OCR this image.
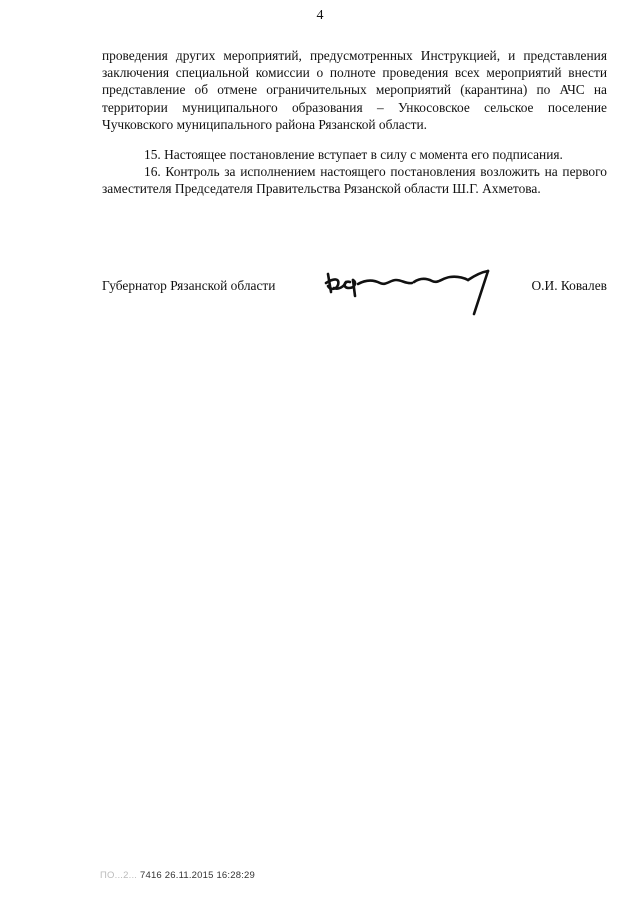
4

проведения других мероприятий, предусмотренных Инструкцией, и представления заключения специальной комиссии о полноте проведения всех мероприятий внести представление об отмене ограничительных мероприятий (карантина) по АЧС на территории муниципального образования – Ункосовское сельское поселение Чучковского муниципального района Рязанской области.

15. Настоящее постановление вступает в силу с момента его подписания.

16. Контроль за исполнением настоящего постановления возложить на первого заместителя Председателя Правительства Рязанской области Ш.Г. Ахметова.

Губернатор Рязанской области	О.И. Ковалев
ПО...2... 7416 26.11.2015 16:28:29
